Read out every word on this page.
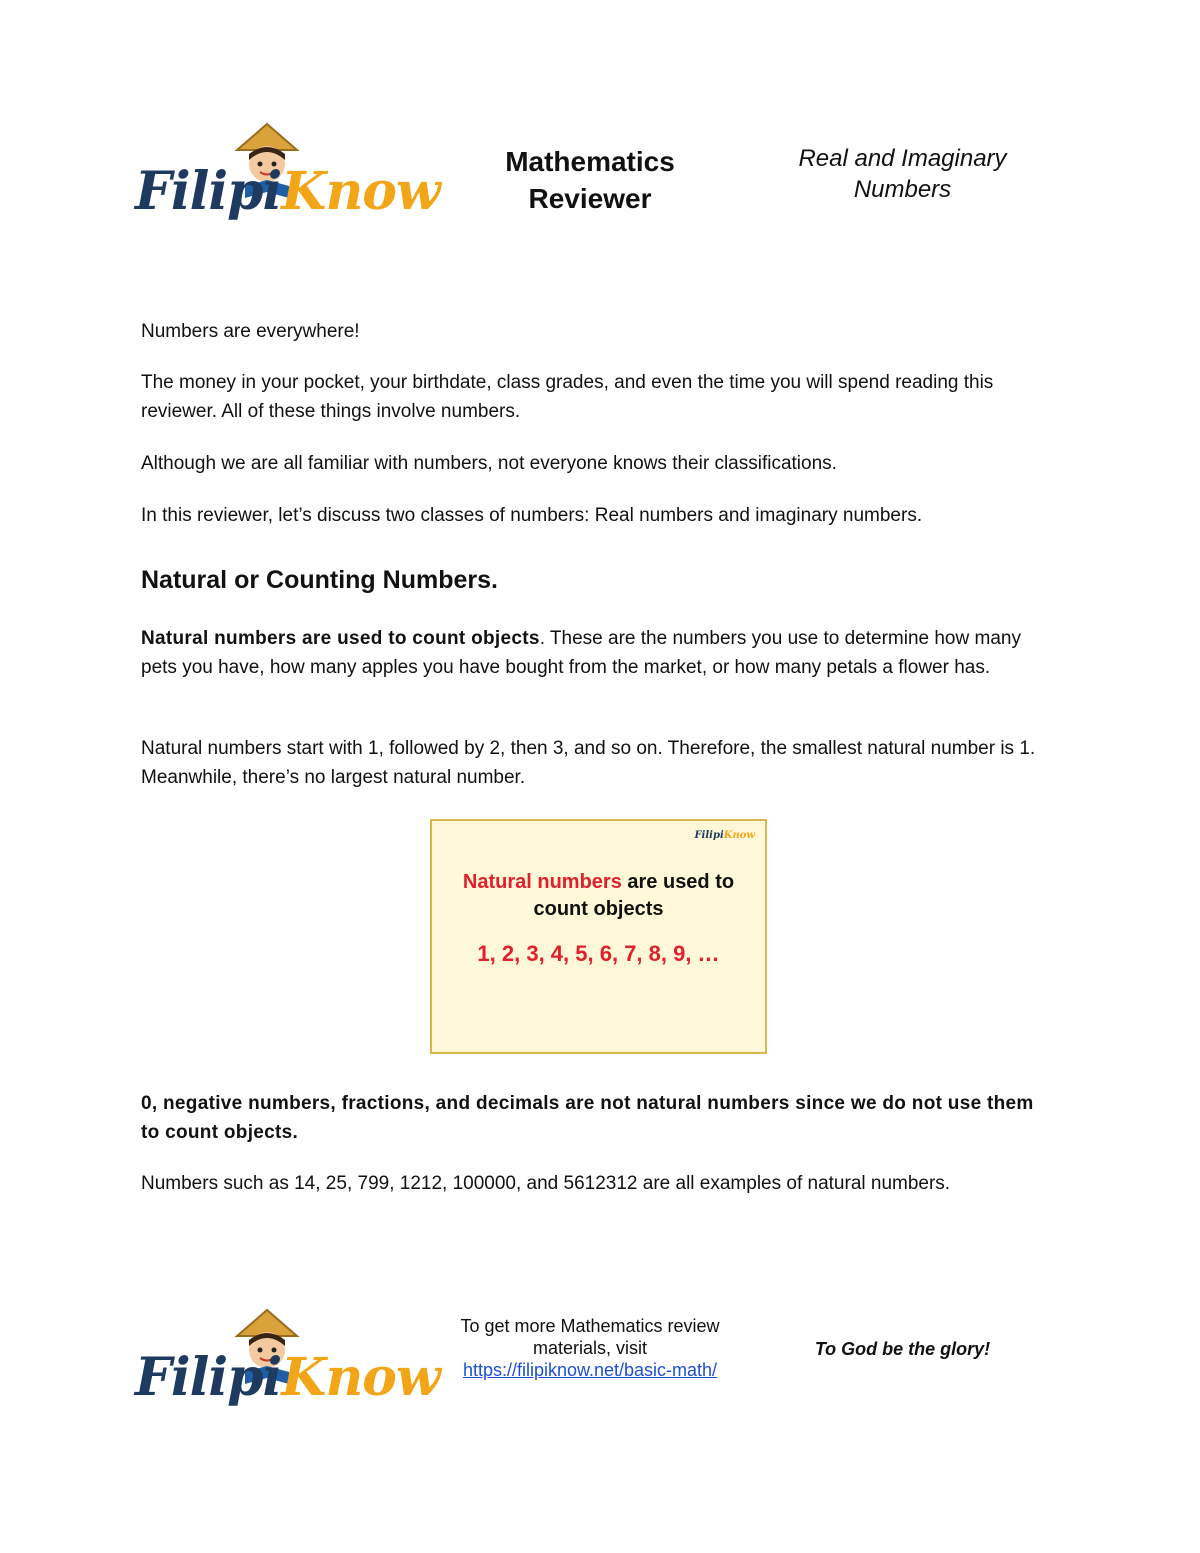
FilipiKnow	Mathematics
Reviewer
Real and Imaginary
Numbers

Numbers are everywhere!

The money in your pocket, your birthdate, class grades, and even the time you will spend reading this reviewer. All of these things involve numbers.

Although we are all familiar with numbers, not everyone knows their classifications.

In this reviewer, let’s discuss two classes of numbers: Real numbers and imaginary numbers.

Natural or Counting Numbers.

Natural numbers are used to count objects. These are the numbers you use to determine how many pets you have, how many apples you have bought from the market, or how many petals a flower has.

Natural numbers start with 1, followed by 2, then 3, and so on. Therefore, the smallest natural number is 1. Meanwhile, there’s no largest natural number.

FilipiKnow
Natural numbers are used to
count objects
1, 2, 3, 4, 5, 6, 7, 8, 9, …

0, negative numbers, fractions, and decimals are not natural numbers since we do not use them to count objects.

Numbers such as 14, 25, 799, 1212, 100000, and 5612312 are all examples of natural numbers.

FilipiKnow
To get more Mathematics review
materials, visit
https://filipiknow.net/basic-math/
To God be the glory!
